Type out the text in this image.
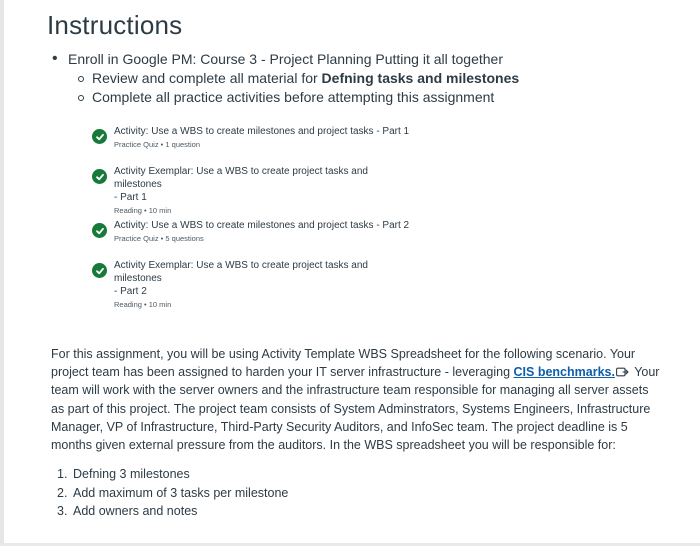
Instructions
• Enroll in Google PM: Course 3 - Project Planning Putting it all together
Review and complete all material for Defning tasks and milestones
Complete all practice activities before attempting this assignment
Activity: Use a WBS to create milestones and project tasks - Part 1
Practice Quiz • 1 question
Activity Exemplar: Use a WBS to create project tasks and milestones
- Part 1
Reading • 10 min
Activity: Use a WBS to create milestones and project tasks - Part 2
Practice Quiz • 5 questions
Activity Exemplar: Use a WBS to create project tasks and milestones
- Part 2
Reading • 10 min

For this assignment, you will be using Activity Template WBS Spreadsheet for the following scenario. Your project team has been assigned to harden your IT server infrastructure - leveraging CIS benchmarks. Your team will work with the server owners and the infrastructure team responsible for managing all server assets as part of this project. The project team consists of System Adminstrators, Systems Engineers, Infrastructure Manager, VP of Infrastructure, Third-Party Security Auditors, and InfoSec team. The project deadline is 5 months given external pressure from the auditors. In the WBS spreadsheet you will be responsible for:

1. Defning 3 milestones
2. Add maximum of 3 tasks per milestone
3. Add owners and notes
